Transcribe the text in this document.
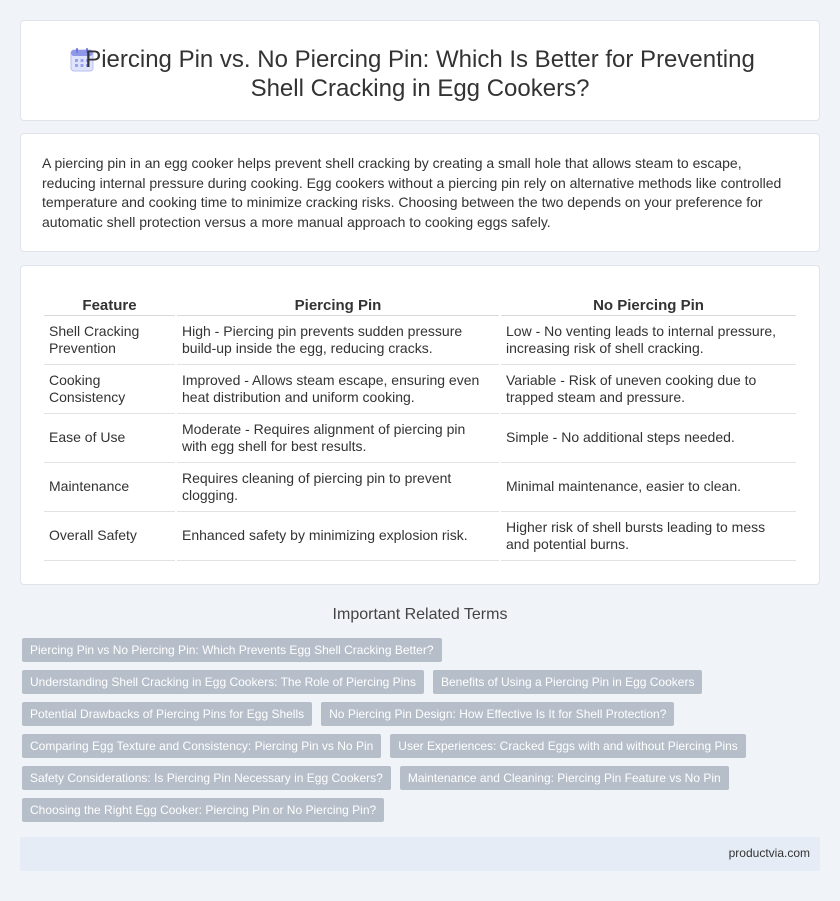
Piercing Pin vs. No Piercing Pin: Which Is Better for Preventing Shell Cracking in Egg Cookers?

A piercing pin in an egg cooker helps prevent shell cracking by creating a small hole that allows steam to escape, reducing internal pressure during cooking. Egg cookers without a piercing pin rely on alternative methods like controlled temperature and cooking time to minimize cracking risks. Choosing between the two depends on your preference for automatic shell protection versus a more manual approach to cooking eggs safely.

Feature	Piercing Pin	No Piercing Pin
Shell Cracking Prevention	High - Piercing pin prevents sudden pressure build-up inside the egg, reducing cracks.	Low - No venting leads to internal pressure, increasing risk of shell cracking.
Cooking Consistency	Improved - Allows steam escape, ensuring even heat distribution and uniform cooking.	Variable - Risk of uneven cooking due to trapped steam and pressure.
Ease of Use	Moderate - Requires alignment of piercing pin with egg shell for best results.	Simple - No additional steps needed.
Maintenance	Requires cleaning of piercing pin to prevent clogging.	Minimal maintenance, easier to clean.
Overall Safety	Enhanced safety by minimizing explosion risk.	Higher risk of shell bursts leading to mess and potential burns.
Important Related Terms
Piercing Pin vs No Piercing Pin: Which Prevents Egg Shell Cracking Better?
Understanding Shell Cracking in Egg Cookers: The Role of Piercing Pins	Benefits of Using a Piercing Pin in Egg Cookers
Potential Drawbacks of Piercing Pins for Egg Shells	No Piercing Pin Design: How Effective Is It for Shell Protection?
Comparing Egg Texture and Consistency: Piercing Pin vs No Pin	User Experiences: Cracked Eggs with and without Piercing Pins
Safety Considerations: Is Piercing Pin Necessary in Egg Cookers?	Maintenance and Cleaning: Piercing Pin Feature vs No Pin
Choosing the Right Egg Cooker: Piercing Pin or No Piercing Pin?
productvia.com
